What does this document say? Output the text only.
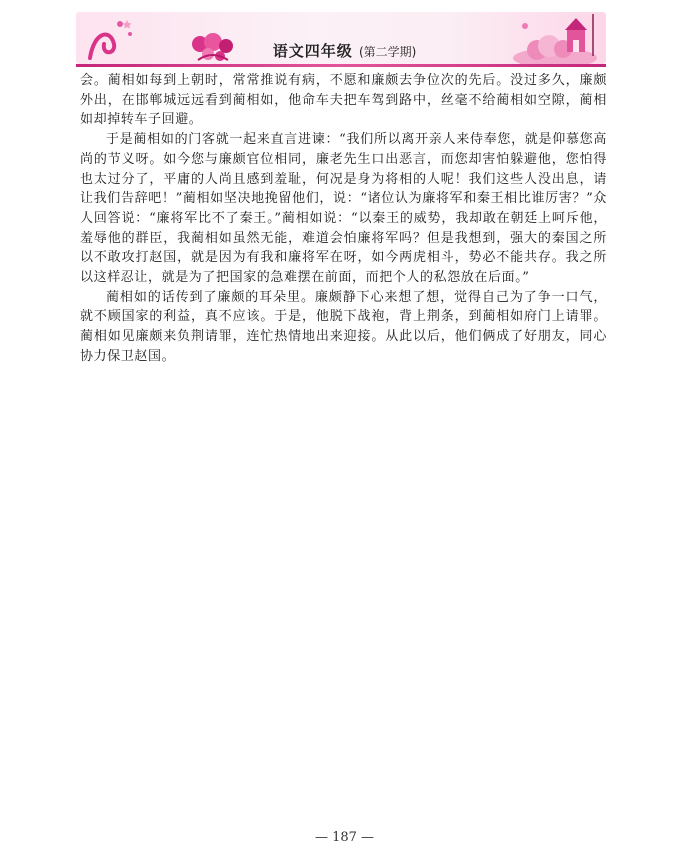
语文四年级 (第二学期)

会。蔺相如每到上朝时，常常推说有病，不愿和廉颇去争位次的先后。没过多久，廉颇外出，在邯郸城远远看到蔺相如，他命车夫把车驾到路中，丝毫不给蔺相如空隙，蔺相如却掉转车子回避。

于是蔺相如的门客就一起来直言进谏：“我们所以离开亲人来侍奉您，就是仰慕您高尚的节义呀。如今您与廉颇官位相同，廉老先生口出恶言，而您却害怕躲避他，您怕得也太过分了，平庸的人尚且感到羞耻，何况是身为将相的人呢！我们这些人没出息，请让我们告辞吧！”蔺相如坚决地挽留他们，说：“诸位认为廉将军和秦王相比谁厉害？”众人回答说：“廉将军比不了秦王。”蔺相如说：“以秦王的威势，我却敢在朝廷上呵斥他，羞辱他的群臣，我蔺相如虽然无能，难道会怕廉将军吗？但是我想到，强大的秦国之所以不敢攻打赵国，就是因为有我和廉将军在呀，如今两虎相斗，势必不能共存。我之所以这样忍让，就是为了把国家的急难摆在前面，而把个人的私怨放在后面。”

蔺相如的话传到了廉颇的耳朵里。廉颇静下心来想了想，觉得自己为了争一口气，就不顾国家的利益，真不应该。于是，他脱下战袍，背上荆条，到蔺相如府门上请罪。蔺相如见廉颇来负荆请罪，连忙热情地出来迎接。从此以后，他们俩成了好朋友，同心协力保卫赵国。

— 187 —
